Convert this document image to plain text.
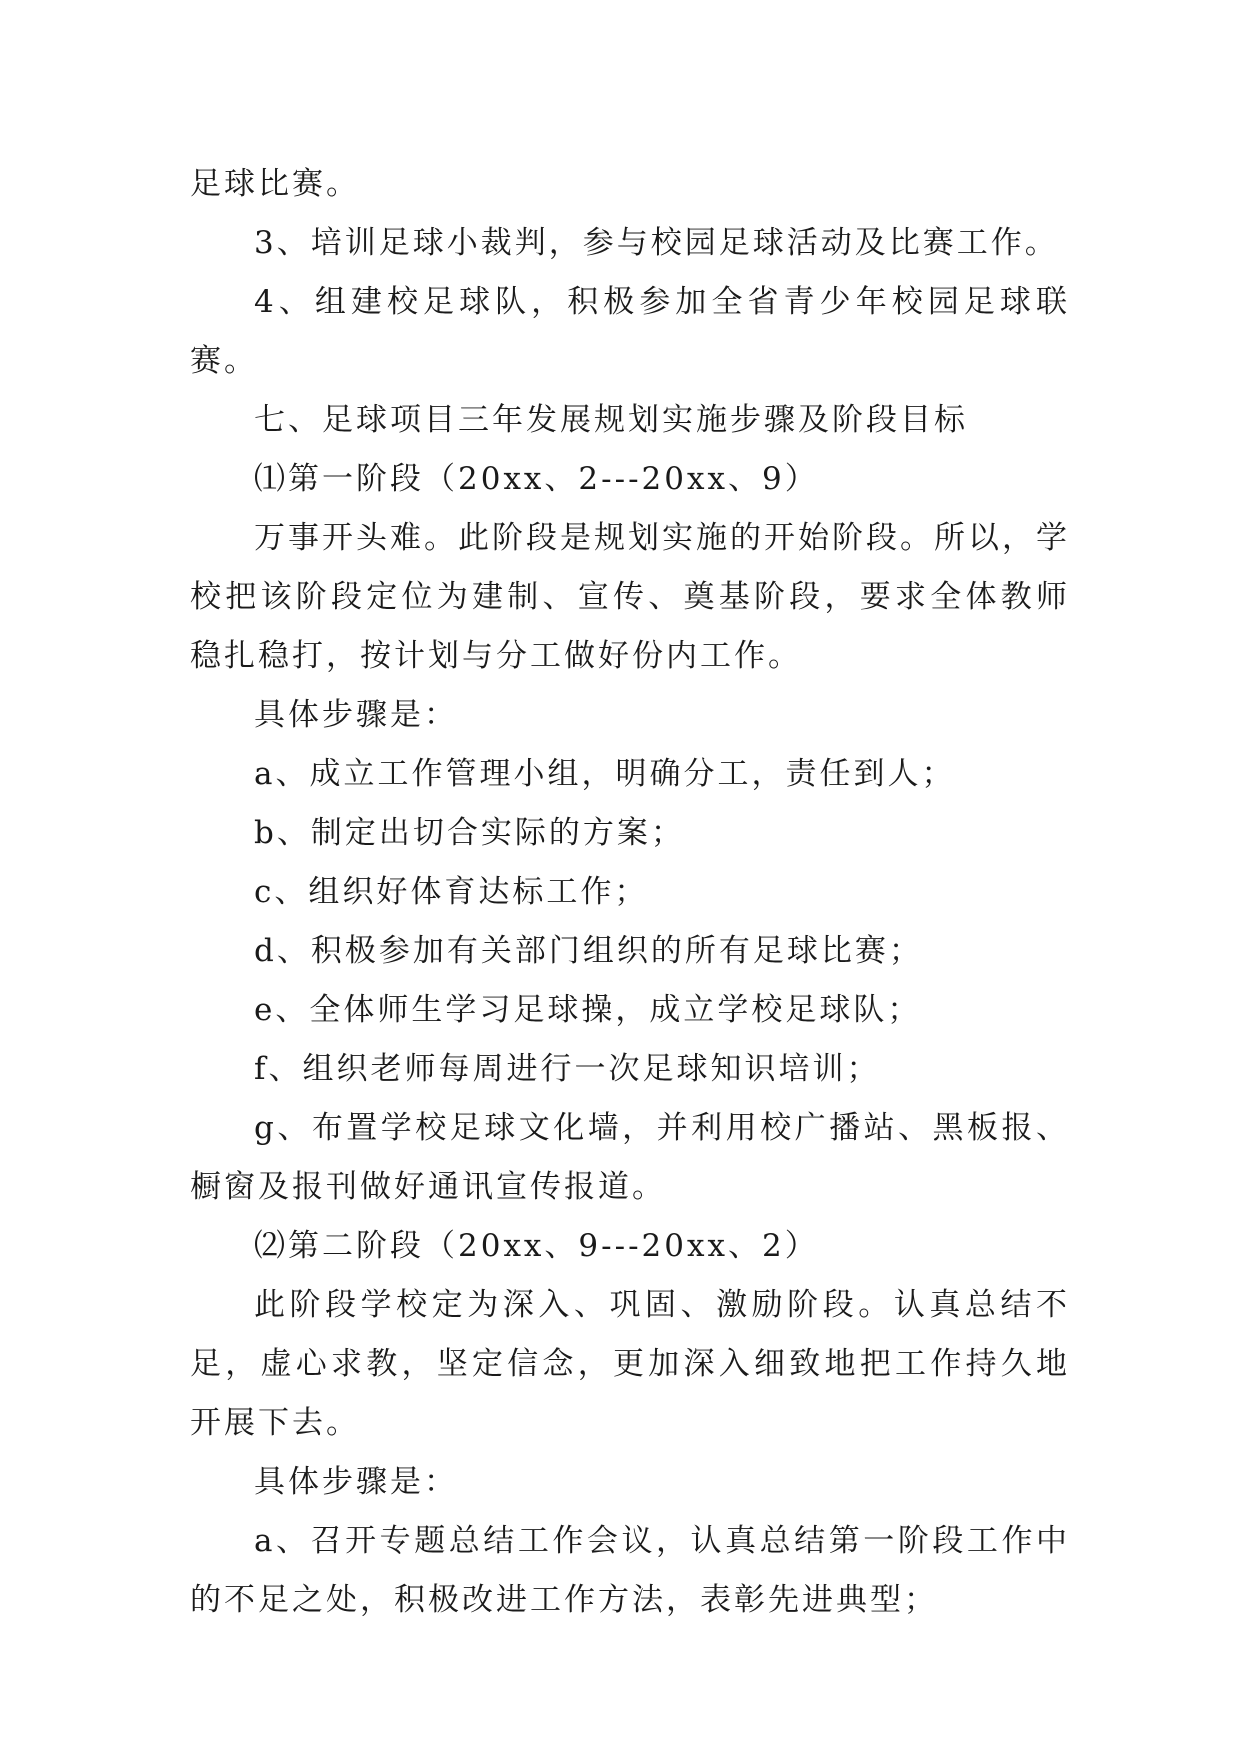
足球比赛。

3、培训足球小裁判，参与校园足球活动及比赛工作。

4、组建校足球队，积极参加全省青少年校园足球联赛。

七、足球项目三年发展规划实施步骤及阶段目标

⑴第一阶段（20xx、2---20xx、9）

万事开头难。此阶段是规划实施的开始阶段。所以，学校把该阶段定位为建制、宣传、奠基阶段，要求全体教师稳扎稳打，按计划与分工做好份内工作。

具体步骤是：

a、成立工作管理小组，明确分工，责任到人；

b、制定出切合实际的方案；

c、组织好体育达标工作；

d、积极参加有关部门组织的所有足球比赛；

e、全体师生学习足球操，成立学校足球队；

f、组织老师每周进行一次足球知识培训；

g、布置学校足球文化墙，并利用校广播站、黑板报、橱窗及报刊做好通讯宣传报道。

⑵第二阶段（20xx、9---20xx、2）

此阶段学校定为深入、巩固、激励阶段。认真总结不足，虚心求教，坚定信念，更加深入细致地把工作持久地开展下去。

具体步骤是：

a、召开专题总结工作会议，认真总结第一阶段工作中的不足之处，积极改进工作方法，表彰先进典型；
